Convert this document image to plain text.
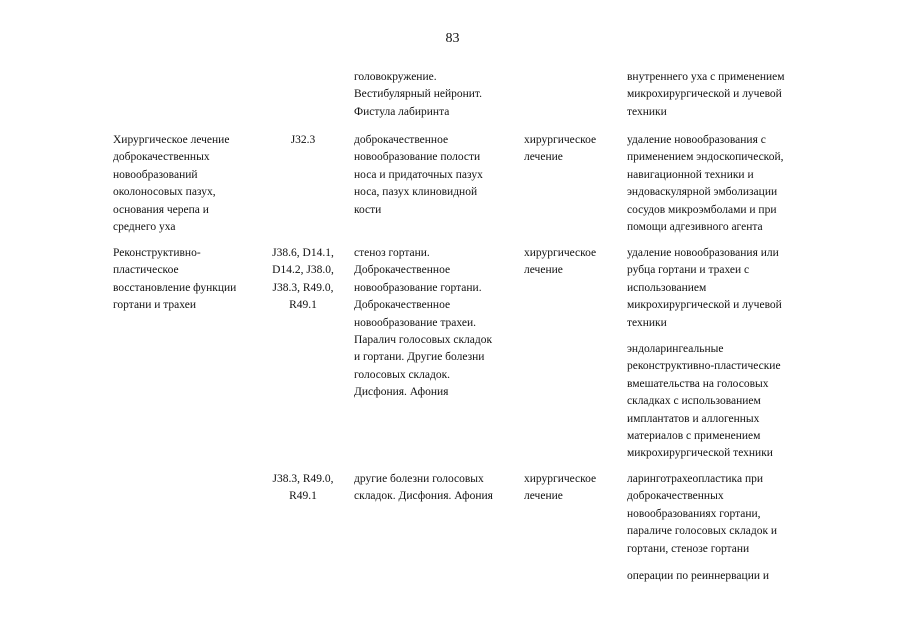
83
головокружение.
Вестибулярный нейронит.
Фистула лабиринта
внутреннего уха с применением
микрохирургической и лучевой
техники
Хирургическое лечение
доброкачественных
новообразований
околоносовых пазух,
основания черепа и
среднего уха
J32.3	доброкачественное
новообразование полости
носа и придаточных пазух
носа, пазух клиновидной
кости
хирургическое
лечение
удаление новообразования с
применением эндоскопической,
навигационной техники и
эндоваскулярной эмболизации
сосудов микроэмболами и при
помощи адгезивного агента
Реконструктивно-
пластическое
восстановление функции
гортани и трахеи
J38.6, D14.1,
D14.2, J38.0,
J38.3, R49.0,
R49.1
стеноз гортани.
Доброкачественное
новообразование гортани.
Доброкачественное
новообразование трахеи.
Паралич голосовых складок
и гортани. Другие болезни
голосовых складок.
Дисфония. Афония
хирургическое
лечение
удаление новообразования или
рубца гортани и трахеи с
использованием
микрохирургической и лучевой
техники
эндоларингеальные
реконструктивно-пластические
вмешательства на голосовых
складках с использованием
имплантатов и аллогенных
материалов с применением
микрохирургической техники
J38.3, R49.0,
R49.1
другие болезни голосовых
складок. Дисфония. Афония
хирургическое
лечение
ларинготрахеопластика при
доброкачественных
новообразованиях гортани,
параличе голосовых складок и
гортани, стенозе гортани
операции по реиннервации и
